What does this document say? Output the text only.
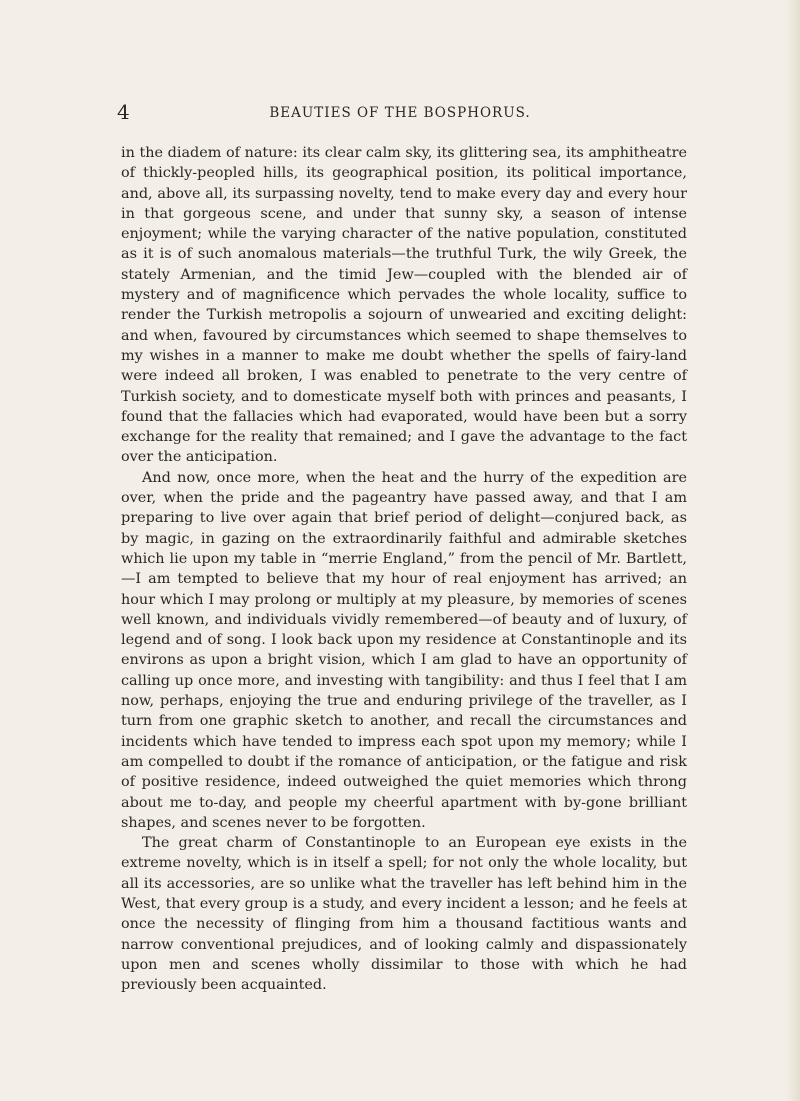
4	BEAUTIES OF THE BOSPHORUS.

in the diadem of nature: its clear calm sky, its glittering sea, its amphitheatre of thickly-peopled hills, its geographical position, its political importance, and, above all, its surpassing novelty, tend to make every day and every hour in that gorgeous scene, and under that sunny sky, a season of intense enjoyment; while the varying character of the native population, constituted as it is of such anomalous materials—the truthful Turk, the wily Greek, the stately Armenian, and the timid Jew—coupled with the blended air of mystery and of magnificence which pervades the whole locality, suffice to render the Turkish metropolis a sojourn of unwearied and exciting delight: and when, favoured by circumstances which seemed to shape themselves to my wishes in a manner to make me doubt whether the spells of fairy-land were indeed all broken, I was enabled to penetrate to the very centre of Turkish society, and to domesticate myself both with princes and peasants, I found that the fallacies which had evaporated, would have been but a sorry exchange for the reality that remained; and I gave the advantage to the fact over the anticipation.

And now, once more, when the heat and the hurry of the expedition are over, when the pride and the pageantry have passed away, and that I am preparing to live over again that brief period of delight—conjured back, as by magic, in gazing on the extraordinarily faithful and admirable sketches which lie upon my table in “merrie England,” from the pencil of Mr. Bartlett,—I am tempted to believe that my hour of real enjoyment has arrived; an hour which I may prolong or multiply at my pleasure, by memories of scenes well known, and individuals vividly remembered—of beauty and of luxury, of legend and of song. I look back upon my residence at Constantinople and its environs as upon a bright vision, which I am glad to have an opportunity of calling up once more, and investing with tangibility: and thus I feel that I am now, perhaps, enjoying the true and enduring privilege of the traveller, as I turn from one graphic sketch to another, and recall the circumstances and incidents which have tended to impress each spot upon my memory; while I am compelled to doubt if the romance of anticipation, or the fatigue and risk of positive residence, indeed outweighed the quiet memories which throng about me to-day, and people my cheerful apartment with by-gone brilliant shapes, and scenes never to be forgotten.

The great charm of Constantinople to an European eye exists in the extreme novelty, which is in itself a spell; for not only the whole locality, but all its accessories, are so unlike what the traveller has left behind him in the West, that every group is a study, and every incident a lesson; and he feels at once the necessity of flinging from him a thousand factitious wants and narrow conventional prejudices, and of looking calmly and dispassionately upon men and scenes wholly dissimilar to those with which he had previously been acquainted.
